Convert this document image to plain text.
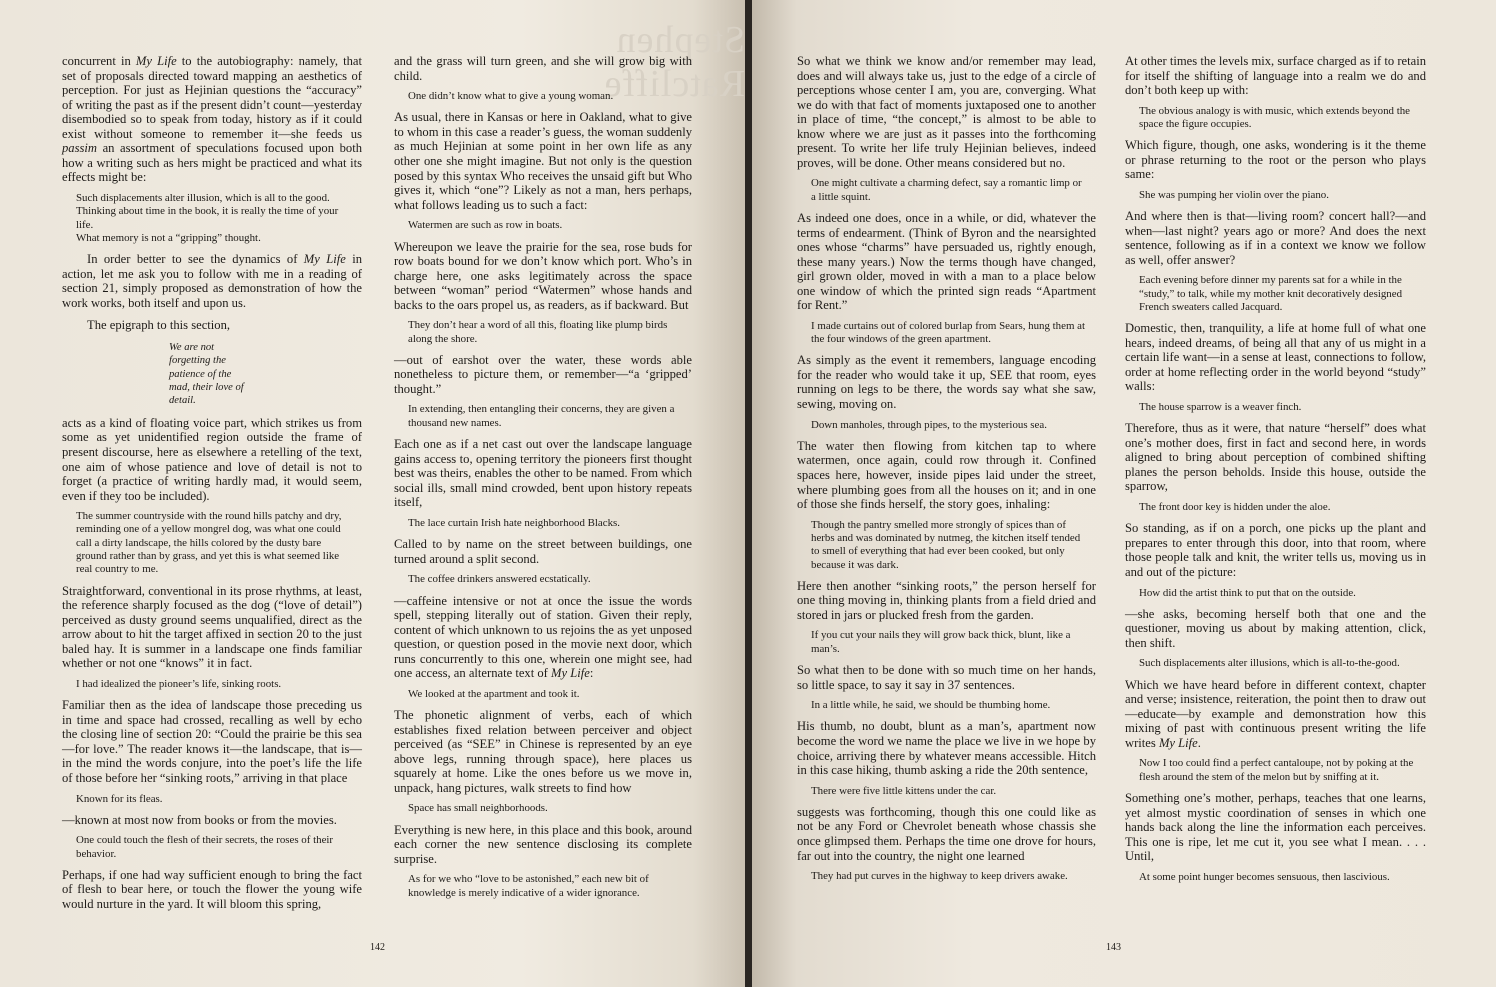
Stephen Ratcliffe

concurrent in My Life to the autobiography: namely, that set of proposals directed toward mapping an aesthetics of perception. For just as Hejinian questions the “accuracy” of writing the past as if the present didn’t count—yesterday disembodied so to speak from today, history as if it could exist without someone to remember it—she feeds us passim an assortment of speculations focused upon both how a writing such as hers might be practiced and what its effects might be:

Such displacements alter illusion, which is all to the good.
Thinking about time in the book, it is really the time of your life.
What memory is not a “gripping” thought.

In order better to see the dynamics of My Life in action, let me ask you to follow with me in a reading of section 21, simply proposed as demonstration of how the work works, both itself and upon us.

The epigraph to this section,

We are not
forgetting the
patience of the
mad, their love of
detail.

acts as a kind of floating voice part, which strikes us from some as yet unidentified region outside the frame of present discourse, here as elsewhere a retelling of the text, one aim of whose patience and love of detail is not to forget (a practice of writing hardly mad, it would seem, even if they too be included).

The summer countryside with the round hills patchy and dry, reminding one of a yellow mongrel dog, was what one could call a dirty landscape, the hills colored by the dusty bare ground rather than by grass, and yet this is what seemed like real country to me.

Straightforward, conventional in its prose rhythms, at least, the reference sharply focused as the dog (“love of detail”) perceived as dusty ground seems unqualified, direct as the arrow about to hit the target affixed in section 20 to the just baled hay. It is summer in a landscape one finds familiar whether or not one “knows” it in fact.

I had idealized the pioneer’s life, sinking roots.

Familiar then as the idea of landscape those preceding us in time and space had crossed, recalling as well by echo the closing line of section 20: “Could the prairie be this sea—for love.” The reader knows it—the landscape, that is—in the mind the words conjure, into the poet’s life the life of those before her “sinking roots,” arriving in that place

Known for its fleas.

—known at most now from books or from the movies.

One could touch the flesh of their secrets, the roses of their behavior.

Perhaps, if one had way sufficient enough to bring the fact of flesh to bear here, or touch the flower the young wife would nurture in the yard. It will bloom this spring,

and the grass will turn green, and she will grow big with child.

One didn’t know what to give a young woman.

As usual, there in Kansas or here in Oakland, what to give to whom in this case a reader’s guess, the woman suddenly as much Hejinian at some point in her own life as any other one she might imagine. But not only is the question posed by this syntax Who receives the unsaid gift but Who gives it, which “one”? Likely as not a man, hers perhaps, what follows leading us to such a fact:

Watermen are such as row in boats.

Whereupon we leave the prairie for the sea, rose buds for row boats bound for we don’t know which port. Who’s in charge here, one asks legitimately across the space between “woman” period “Watermen” whose hands and backs to the oars propel us, as readers, as if backward. But

They don’t hear a word of all this, floating like plump birds along the shore.

—out of earshot over the water, these words able nonetheless to picture them, or remember—“a ‘gripped’ thought.”

In extending, then entangling their concerns, they are given a thousand new names.

Each one as if a net cast out over the landscape language gains access to, opening territory the pioneers first thought best was theirs, enables the other to be named. From which social ills, small mind crowded, bent upon history repeats itself,

The lace curtain Irish hate neighborhood Blacks.

Called to by name on the street between buildings, one turned around a split second.

The coffee drinkers answered ecstatically.

—caffeine intensive or not at once the issue the words spell, stepping literally out of station. Given their reply, content of which unknown to us rejoins the as yet unposed question, or question posed in the movie next door, which runs concurrently to this one, wherein one might see, had one access, an alternate text of My Life:

We looked at the apartment and took it.

The phonetic alignment of verbs, each of which establishes fixed relation between perceiver and object perceived (as “SEE” in Chinese is represented by an eye above legs, running through space), here places us squarely at home. Like the ones before us we move in, unpack, hang pictures, walk streets to find how

Space has small neighborhoods.

Everything is new here, in this place and this book, around each corner the new sentence disclosing its complete surprise.

As for we who “love to be astonished,” each new bit of knowledge is merely indicative of a wider ignorance.
142

So what we think we know and/or remember may lead, does and will always take us, just to the edge of a circle of perceptions whose center I am, you are, converging. What we do with that fact of moments juxtaposed one to another in place of time, “the concept,” is almost to be able to know where we are just as it passes into the forthcoming present. To write her life truly Hejinian believes, indeed proves, will be done. Other means considered but no.

One might cultivate a charming defect, say a romantic limp or a little squint.

As indeed one does, once in a while, or did, whatever the terms of endearment. (Think of Byron and the nearsighted ones whose “charms” have persuaded us, rightly enough, these many years.) Now the terms though have changed, girl grown older, moved in with a man to a place below one window of which the printed sign reads “Apartment for Rent.”

I made curtains out of colored burlap from Sears, hung them at the four windows of the green apartment.

As simply as the event it remembers, language encoding for the reader who would take it up, SEE that room, eyes running on legs to be there, the words say what she saw, sewing, moving on.

Down manholes, through pipes, to the mysterious sea.

The water then flowing from kitchen tap to where watermen, once again, could row through it. Confined spaces here, however, inside pipes laid under the street, where plumbing goes from all the houses on it; and in one of those she finds herself, the story goes, inhaling:

Though the pantry smelled more strongly of spices than of herbs and was dominated by nutmeg, the kitchen itself tended to smell of everything that had ever been cooked, but only because it was dark.

Here then another “sinking roots,” the person herself for one thing moving in, thinking plants from a field dried and stored in jars or plucked fresh from the garden.

If you cut your nails they will grow back thick, blunt, like a man’s.

So what then to be done with so much time on her hands, so little space, to say it say in 37 sentences.

In a little while, he said, we should be thumbing home.

His thumb, no doubt, blunt as a man’s, apartment now become the word we name the place we live in we hope by choice, arriving there by whatever means accessible. Hitch in this case hiking, thumb asking a ride the 20th sentence,

There were five little kittens under the car.

suggests was forthcoming, though this one could like as not be any Ford or Chevrolet beneath whose chassis she once glimpsed them. Perhaps the time one drove for hours, far out into the country, the night one learned

They had put curves in the highway to keep drivers awake.

At other times the levels mix, surface charged as if to retain for itself the shifting of language into a realm we do and don’t both keep up with:

The obvious analogy is with music, which extends beyond the space the figure occupies.

Which figure, though, one asks, wondering is it the theme or phrase returning to the root or the person who plays same:

She was pumping her violin over the piano.

And where then is that—living room? concert hall?—and when—last night? years ago or more? And does the next sentence, following as if in a context we know we follow as well, offer answer?

Each evening before dinner my parents sat for a while in the “study,” to talk, while my mother knit decoratively designed French sweaters called Jacquard.

Domestic, then, tranquility, a life at home full of what one hears, indeed dreams, of being all that any of us might in a certain life want—in a sense at least, connections to follow, order at home reflecting order in the world beyond “study” walls:

The house sparrow is a weaver finch.

Therefore, thus as it were, that nature “herself” does what one’s mother does, first in fact and second here, in words aligned to bring about perception of combined shifting planes the person beholds. Inside this house, outside the sparrow,

The front door key is hidden under the aloe.

So standing, as if on a porch, one picks up the plant and prepares to enter through this door, into that room, where those people talk and knit, the writer tells us, moving us in and out of the picture:

How did the artist think to put that on the outside.

—she asks, becoming herself both that one and the questioner, moving us about by making attention, click, then shift.

Such displacements alter illusions, which is all-to-the-good.

Which we have heard before in different context, chapter and verse; insistence, reiteration, the point then to draw out—educate—by example and demonstration how this mixing of past with continuous present writing the life writes My Life.

Now I too could find a perfect cantaloupe, not by poking at the flesh around the stem of the melon but by sniffing at it.

Something one’s mother, perhaps, teaches that one learns, yet almost mystic coordination of senses in which one hands back along the line the information each perceives. This one is ripe, let me cut it, you see what I mean. . . . Until,

At some point hunger becomes sensuous, then lascivious.
143
